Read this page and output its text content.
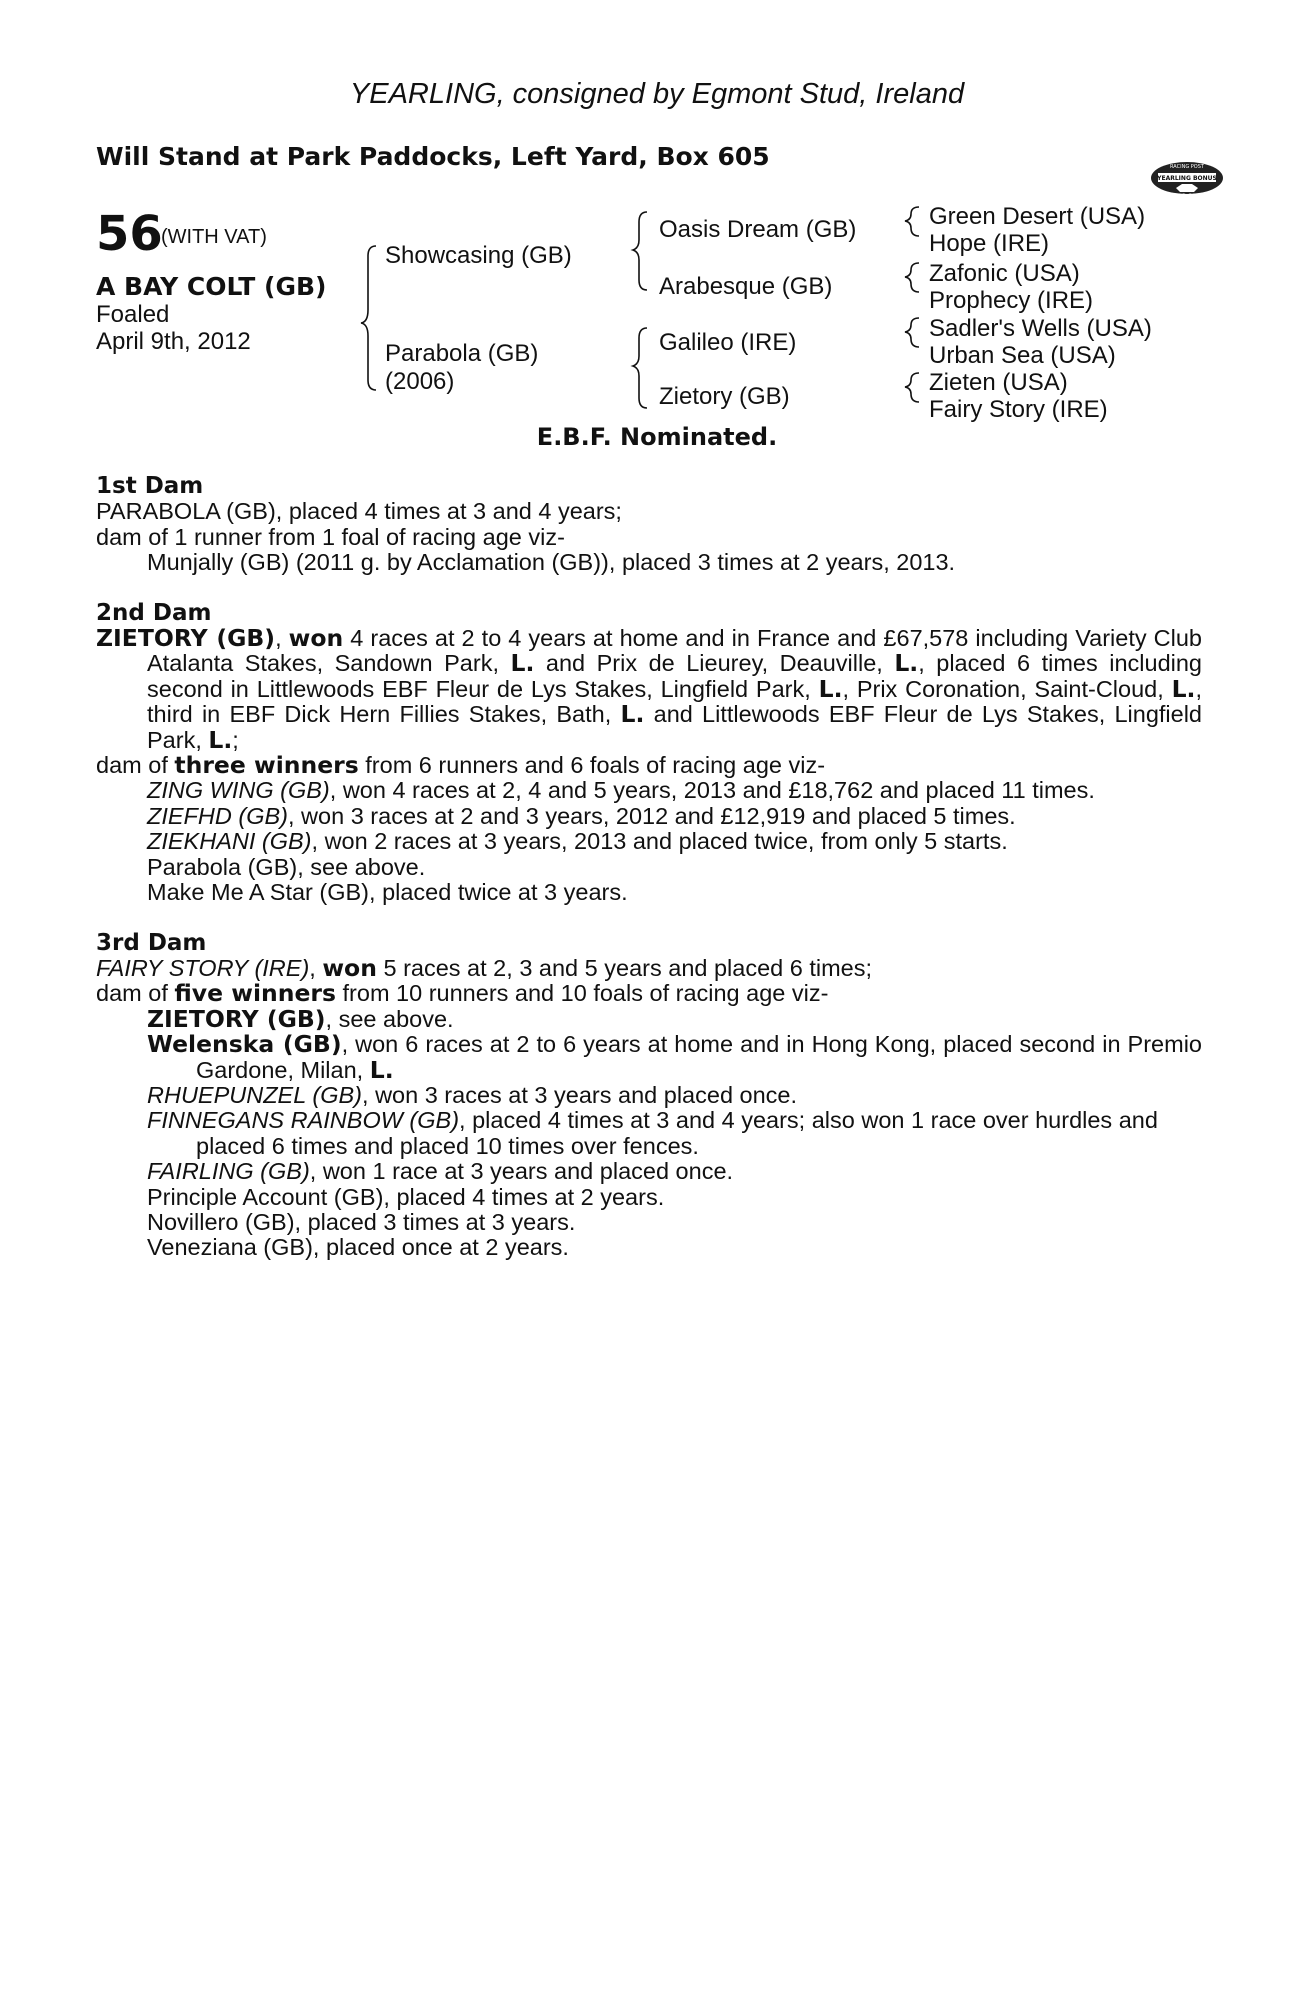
YEARLING, consigned by Egmont Stud, Ireland
Will Stand at Park Paddocks, Left Yard, Box 605	RACING POST
YEARLING BONUS
£10,000
56
(WITH VAT)
A BAY COLT (GB)
Foaled
April 9th, 2012
Showcasing (GB)
Parabola (GB)
(2006)
Oasis Dream (GB)
Arabesque (GB)
Galileo (IRE)
Zietory (GB)
Green Desert (USA)
Hope (IRE)
Zafonic (USA)
Prophecy (IRE)
Sadler's Wells (USA)
Urban Sea (USA)
Zieten (USA)
Fairy Story (IRE)
E.B.F. Nominated.

1st Dam

PARABOLA (GB), placed 4 times at 3 and 4 years;

dam of 1 runner from 1 foal of racing age viz-

Munjally (GB) (2011 g. by Acclamation (GB)), placed 3 times at 2 years, 2013.

2nd Dam

ZIETORY (GB), won 4 races at 2 to 4 years at home and in France and £67,578 including Variety Club Atalanta Stakes, Sandown Park, L. and Prix de Lieurey, Deauville, L., placed 6 times including second in Littlewoods EBF Fleur de Lys Stakes, Lingfield Park, L., Prix Coronation, Saint-Cloud, L., third in EBF Dick Hern Fillies Stakes, Bath, L. and Littlewoods EBF Fleur de Lys Stakes, Lingfield Park, L.;

dam of three winners from 6 runners and 6 foals of racing age viz-

ZING WING (GB), won 4 races at 2, 4 and 5 years, 2013 and £18,762 and placed 11 times.

ZIEFHD (GB), won 3 races at 2 and 3 years, 2012 and £12,919 and placed 5 times.

ZIEKHANI (GB), won 2 races at 3 years, 2013 and placed twice, from only 5 starts.

Parabola (GB), see above.

Make Me A Star (GB), placed twice at 3 years.

3rd Dam

FAIRY STORY (IRE), won 5 races at 2, 3 and 5 years and placed 6 times;

dam of five winners from 10 runners and 10 foals of racing age viz-

ZIETORY (GB), see above.

Welenska (GB), won 6 races at 2 to 6 years at home and in Hong Kong, placed second in Premio Gardone, Milan, L.

RHUEPUNZEL (GB), won 3 races at 3 years and placed once.

FINNEGANS RAINBOW (GB), placed 4 times at 3 and 4 years; also won 1 race over hurdles and placed 6 times and placed 10 times over fences.

FAIRLING (GB), won 1 race at 3 years and placed once.

Principle Account (GB), placed 4 times at 2 years.

Novillero (GB), placed 3 times at 3 years.

Veneziana (GB), placed once at 2 years.
